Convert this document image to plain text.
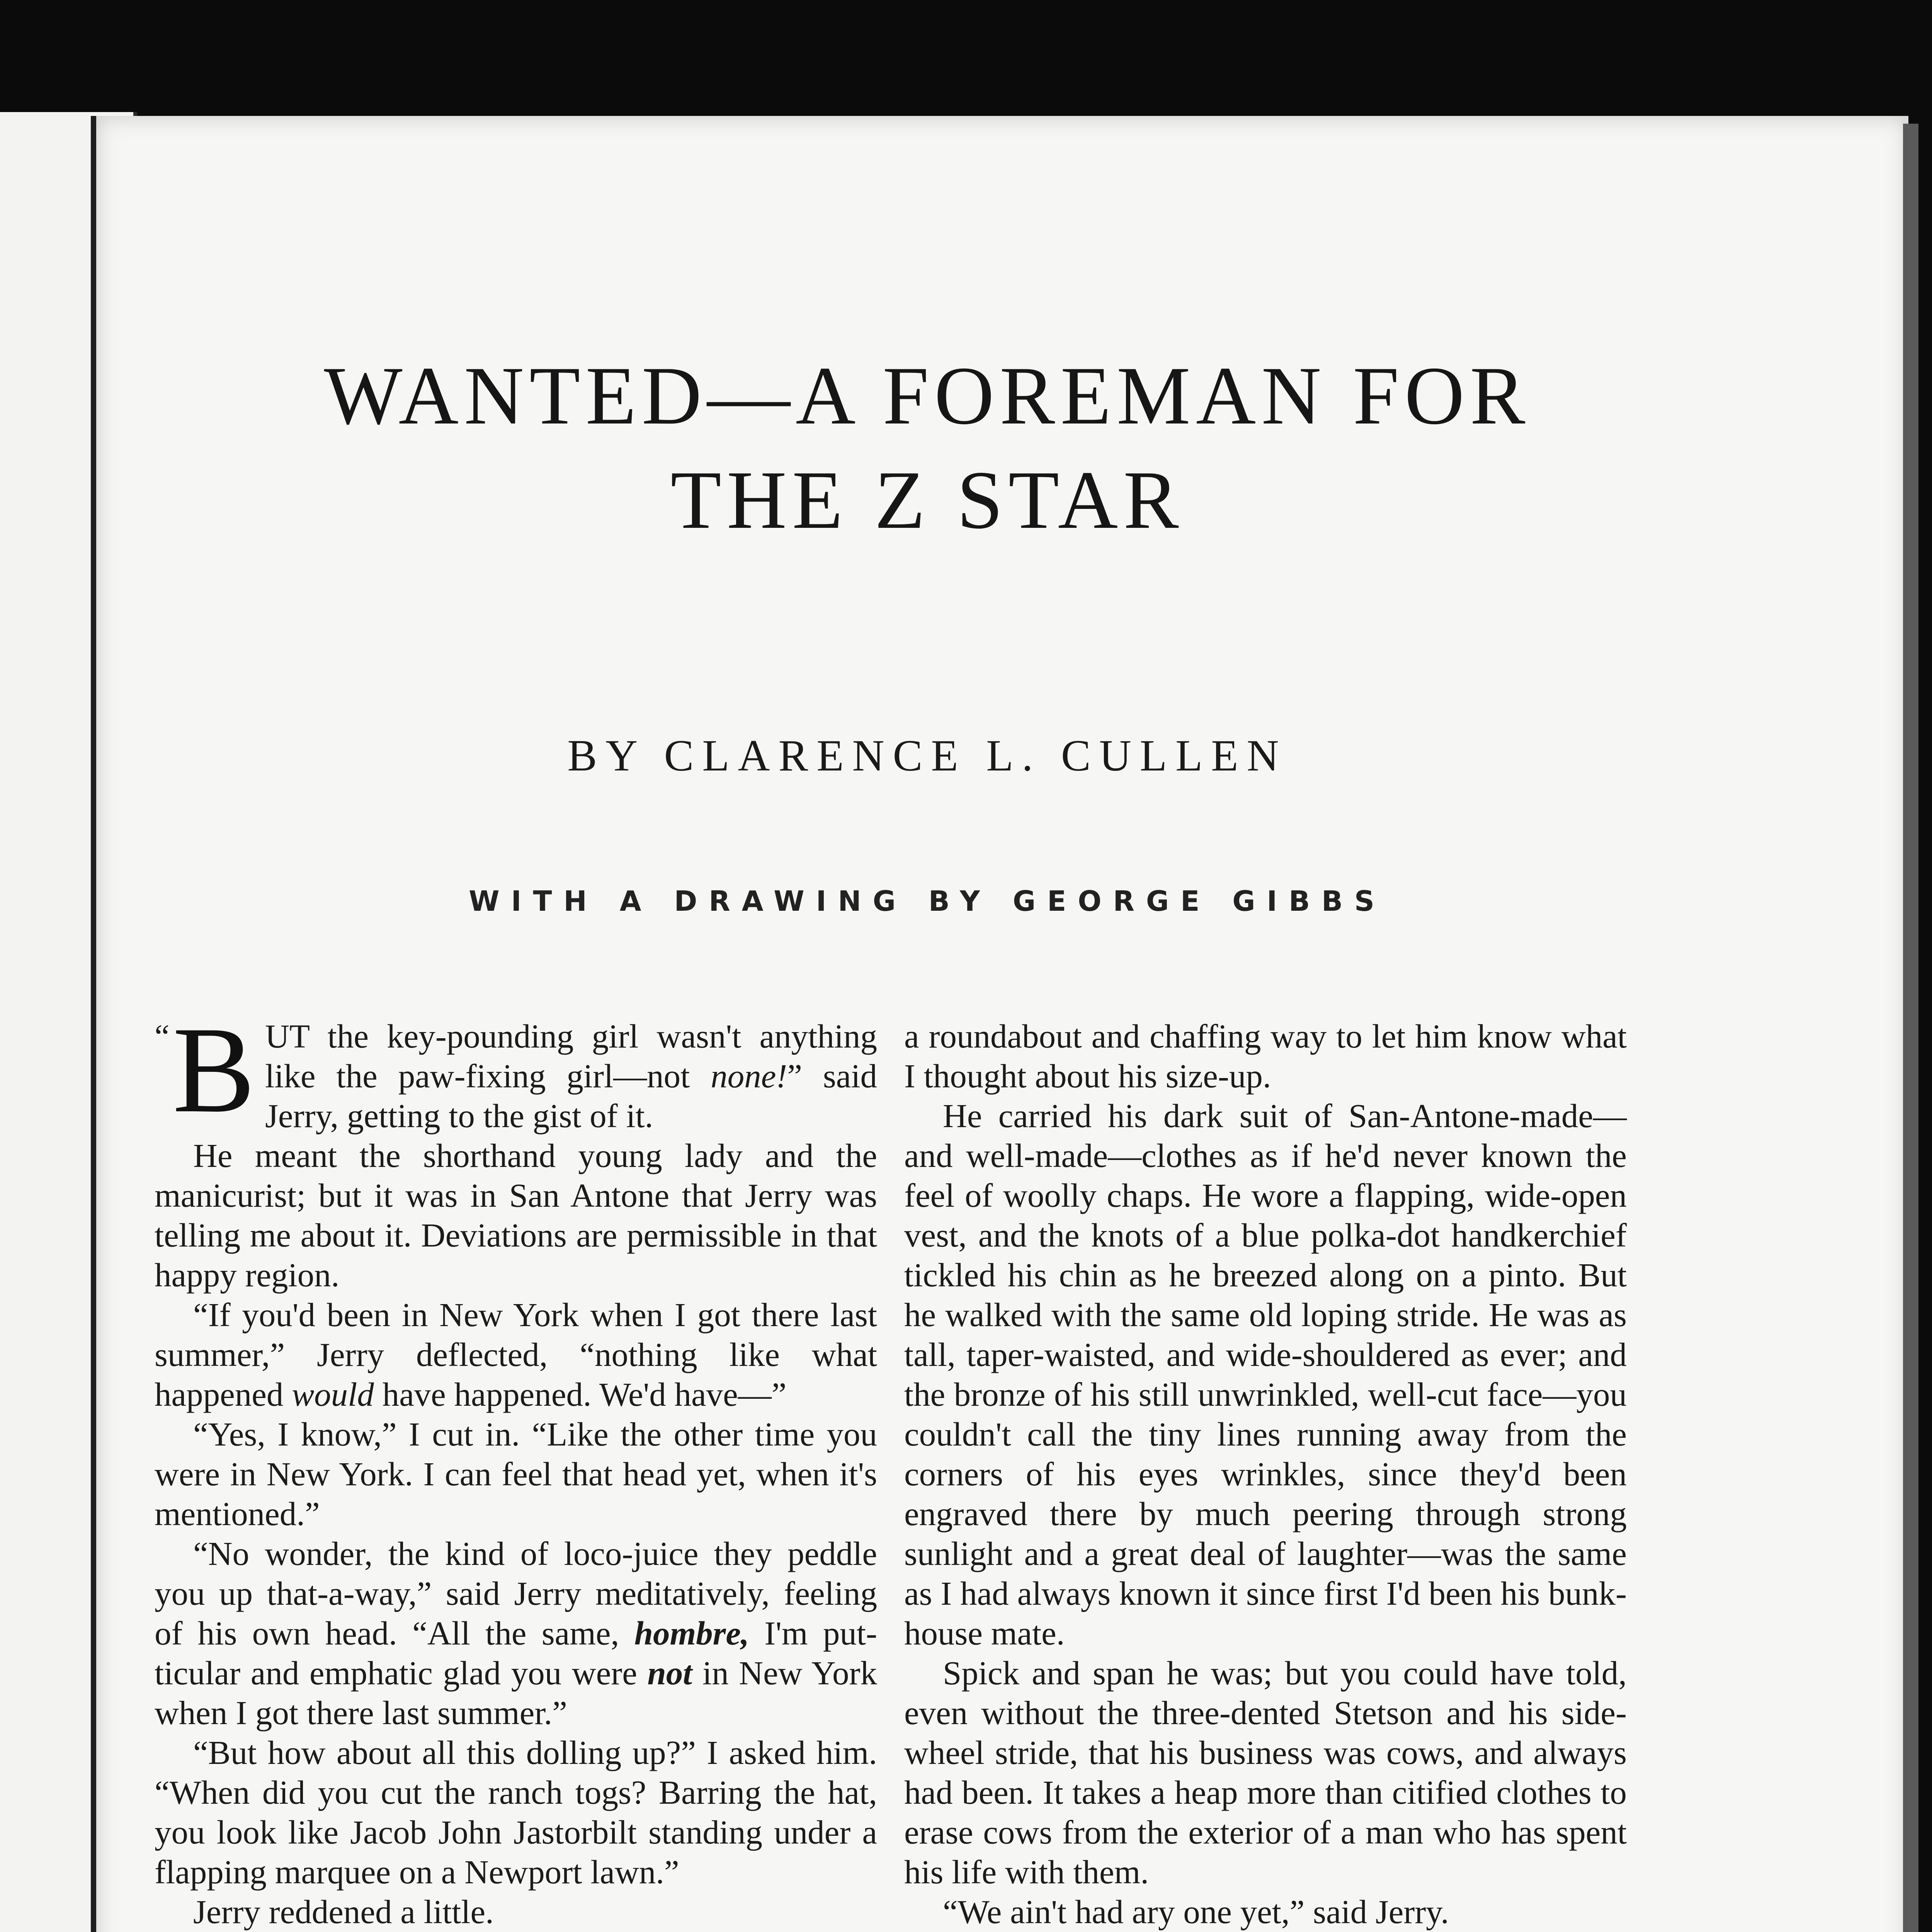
WANTED—A FOREMAN FOR
THE Z STAR
BY CLARENCE L. CULLEN
WITH A DRAWING BY GEORGE GIBBS

“ B UT the key-pounding girl wasn't anything like the paw-fixing girl—not none!” said Jerry, getting to the gist of it.

He meant the shorthand young lady and the manicurist; but it was in San Antone that Jerry was telling me about it. Deviations are permissible in that happy region.

“If you'd been in New York when I got there last summer,” Jerry deflected, “nothing like what happened would have happened. We'd have—”

“Yes, I know,” I cut in. “Like the other time you were in New York. I can feel that head yet, when it's mentioned.”

“No wonder, the kind of loco-juice they peddle you up that-a-way,” said Jerry meditatively, feeling of his own head. “All the same, hombre, I'm put-ticular and emphatic glad you were not in New York when I got there last summer.”

“But how about all this dolling up?” I asked him. “When did you cut the ranch togs? Barring the hat, you look like Jacob John Jastorbilt standing under a flapping marquee on a Newport lawn.”

Jerry reddened a little.

a roundabout and chaffing way to let him know what I thought about his size-up.

He carried his dark suit of San-Antone-made—and well-made—clothes as if he'd never known the feel of woolly chaps. He wore a flapping, wide-open vest, and the knots of a blue polka-dot handkerchief tickled his chin as he breezed along on a pinto. But he walked with the same old loping stride. He was as tall, taper-waisted, and wide-shouldered as ever; and the bronze of his still unwrinkled, well-cut face—you couldn't call the tiny lines running away from the corners of his eyes wrinkles, since they'd been engraved there by much peering through strong sunlight and a great deal of laughter—was the same as I had always known it since first I'd been his bunk-house mate.

Spick and span he was; but you could have told, even without the three-dented Stetson and his side-wheel stride, that his business was cows, and always had been. It takes a heap more than citified clothes to erase cows from the exterior of a man who has spent his life with them.

“We ain't had ary one yet,” said Jerry.
